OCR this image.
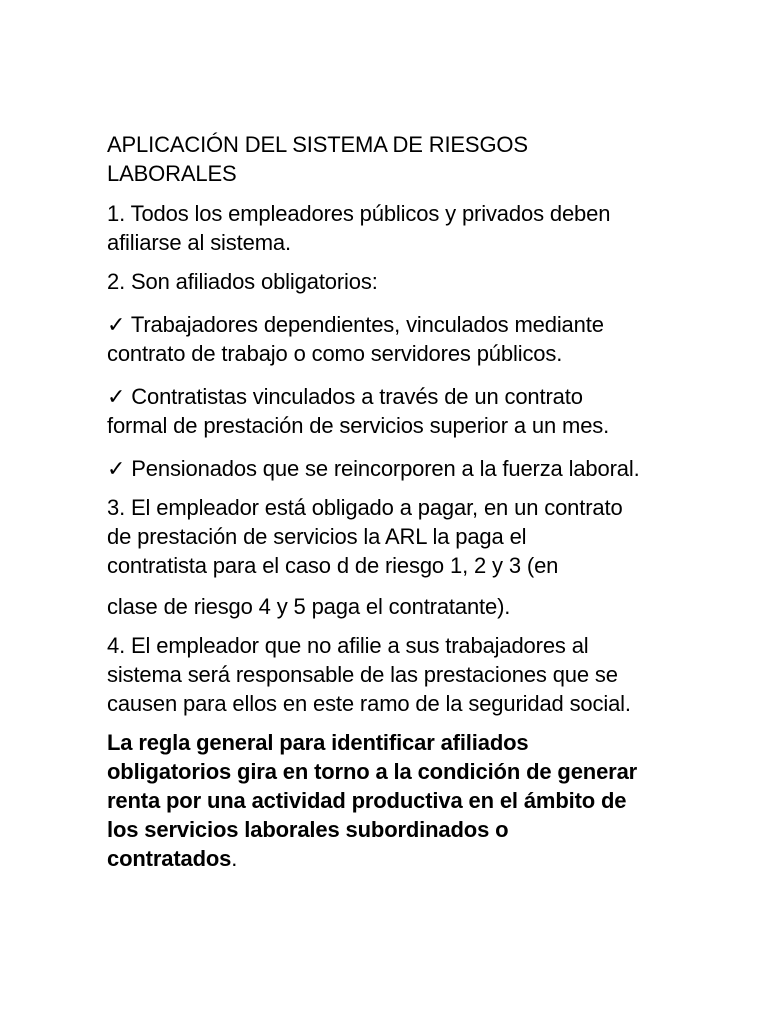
APLICACIÓN DEL SISTEMA DE RIESGOS
LABORALES
1. Todos los empleadores públicos y privados deben
afiliarse al sistema.
2. Son afiliados obligatorios:
✓ Trabajadores dependientes, vinculados mediante
contrato de trabajo o como servidores públicos.
✓ Contratistas vinculados a través de un contrato
formal de prestación de servicios superior a un mes.
✓ Pensionados que se reincorporen a la fuerza laboral.
3. El empleador está obligado a pagar, en un contrato
de prestación de servicios la ARL la paga el
contratista para el caso d de riesgo 1, 2 y 3 (en
clase de riesgo 4 y 5 paga el contratante).
4. El empleador que no afilie a sus trabajadores al
sistema será responsable de las prestaciones que se
causen para ellos en este ramo de la seguridad social.
La regla general para identificar afiliados
obligatorios gira en torno a la condición de generar
renta por una actividad productiva en el ámbito de
los servicios laborales subordinados o
contratados.
